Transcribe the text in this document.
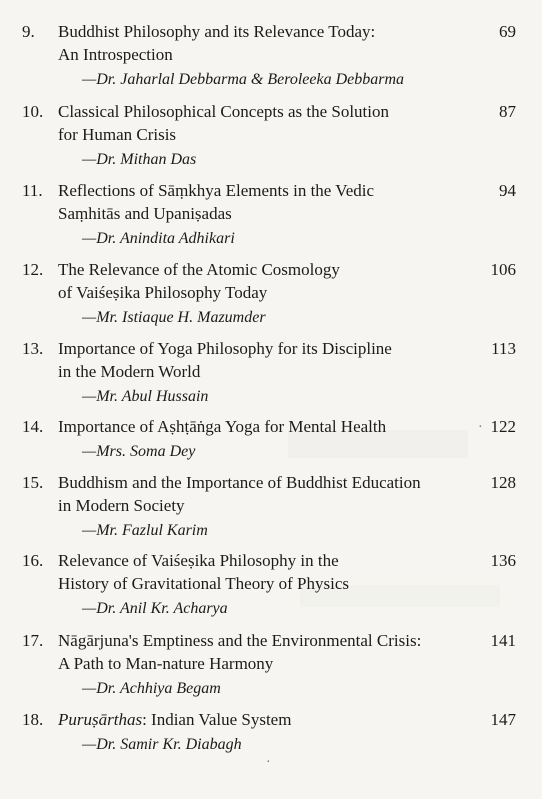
·
·
9. Buddhist Philosophy and its Relevance Today:
An Introspection
—Dr. Jaharlal Debbarma & Beroleeka Debbarma
69
10. Classical Philosophical Concepts as the Solution
for Human Crisis
—Dr. Mithan Das
87
11. Reflections of Sāṃkhya Elements in the Vedic
Saṃhitās and Upaniṣadas
—Dr. Anindita Adhikari
94
12. The Relevance of the Atomic Cosmology
of Vaiśeṣika Philosophy Today
—Mr. Istiaque H. Mazumder
106
13. Importance of Yoga Philosophy for its Discipline
in the Modern World
—Mr. Abul Hussain
113
14. Importance of Aṣhṭāṅga Yoga for Mental Health
—Mrs. Soma Dey
122
15. Buddhism and the Importance of Buddhist Education
in Modern Society
—Mr. Fazlul Karim
128
16. Relevance of Vaiśeṣika Philosophy in the
History of Gravitational Theory of Physics
—Dr. Anil Kr. Acharya
136
17. Nāgārjuna's Emptiness and the Environmental Crisis:
A Path to Man-nature Harmony
—Dr. Achhiya Begam
141
18. Puruṣārthas: Indian Value System
—Dr. Samir Kr. Diabagh
147
